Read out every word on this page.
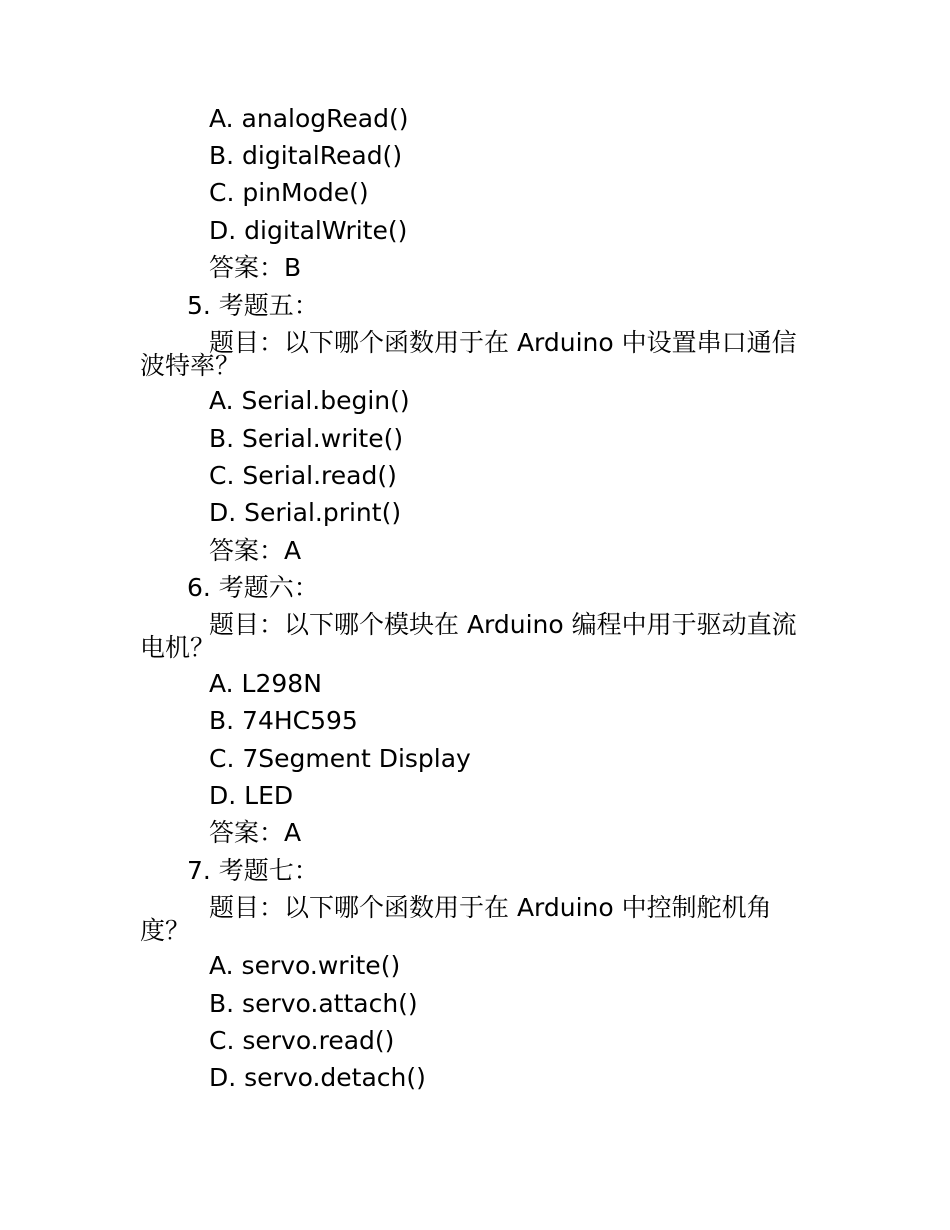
A. analogRead()
B. digitalRead()
C. pinMode()
D. digitalWrite()
答案：B
5. 考题五：
题目：以下哪个函数用于在 Arduino 中设置串口通信
波特率？
A. Serial.begin()
B. Serial.write()
C. Serial.read()
D. Serial.print()
答案：A
6. 考题六：
题目：以下哪个模块在 Arduino 编程中用于驱动直流
电机？
A. L298N
B. 74HC595
C. 7Segment Display
D. LED
答案：A
7. 考题七：
题目：以下哪个函数用于在 Arduino 中控制舵机角
度？
A. servo.write()
B. servo.attach()
C. servo.read()
D. servo.detach()
